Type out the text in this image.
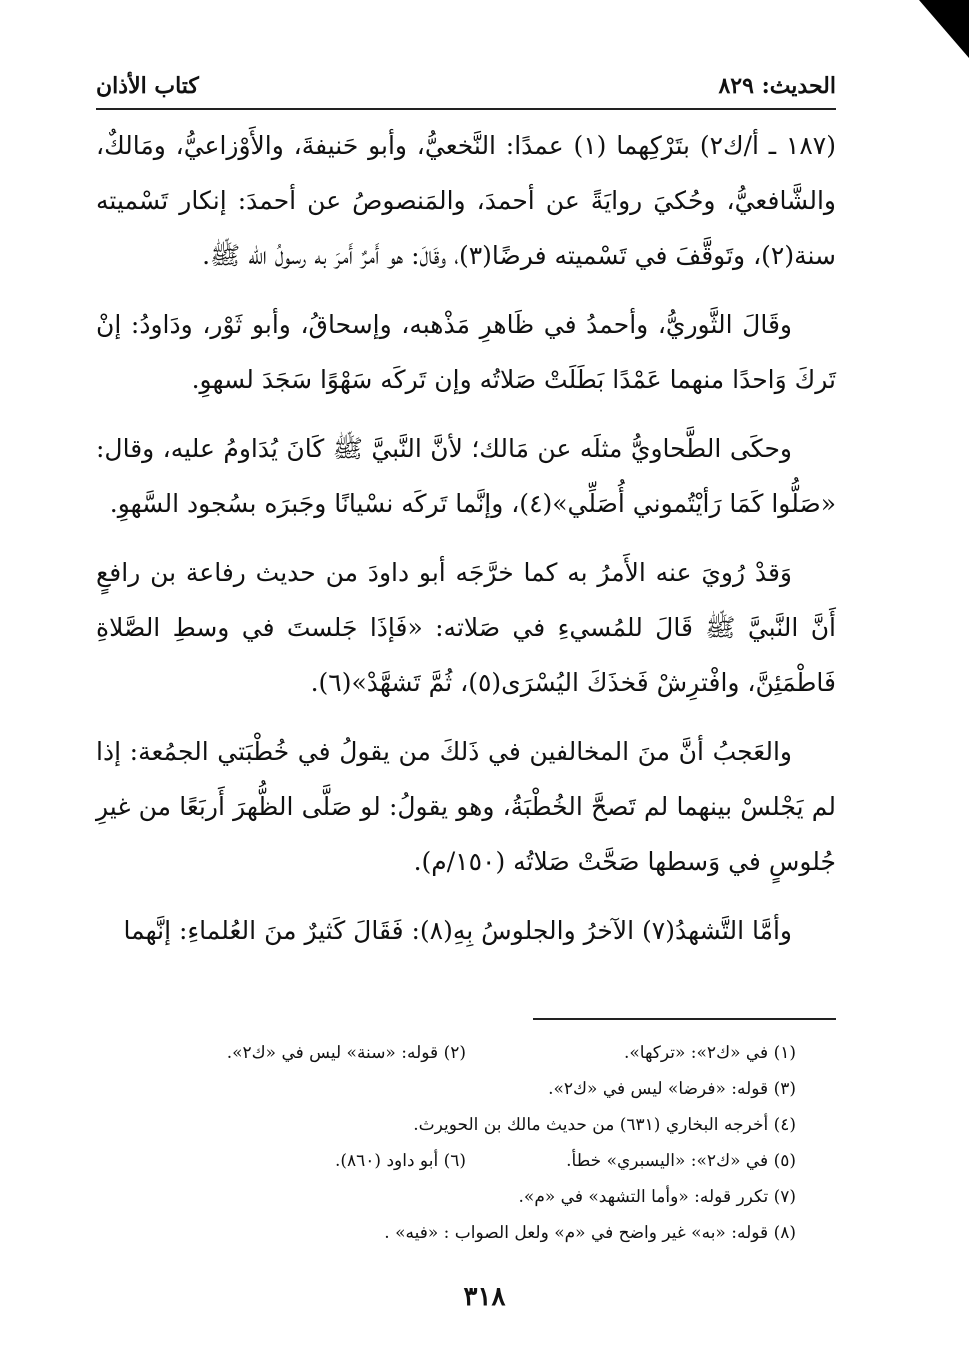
الحديث: ٨٢٩
كتاب الأذان

(١٨٧ ـ أ/ك٢) بتَرْكِهما (١) عمدًا: النَّخعيُّ، وأبو حَنيفةَ، والأَوْزاعيُّ، ومَالكٌ، والشَّافعيُّ، وحُكيَ روايَةً عن أحمدَ، والمَنصوصُ عن أحمدَ: إنكار تَسْميته سنة(٢)، وتَوقَّفَ في تَسْميته فرضًا(٣)، وقَالَ: هو أَمرٌ أَمرَ به رسولُ الله ﷺ.

وقَالَ الثَّوريُّ، وأحمدُ في ظَاهرِ مَذْهبه، وإسحاقُ، وأبو ثَوْر، ودَاودُ: إنْ تَركَ وَاحدًا منهما عَمْدًا بَطَلَتْ صَلاتُه وإن تَركَه سَهْوًا سَجَدَ لسهوِ.

وحكَى الطَّحاويُّ مثلَه عن مَالك؛ لأنَّ النَّبيَّ ﷺ كَانَ يُدَاومُ عليه، وقال: «صَلُّوا كَمَا رَأيْتُموني أُصَلِّي»(٤)، وإنَّما تَركَه نسْيانًا وجَبرَه بسُجود السَّهوِ.

وَقدْ رُويَ عنه الأَمرُ به كما خرَّجَه أبو داودَ من حديث رفاعة بن رافعٍ أَنَّ النَّبيَّ ﷺ قَالَ للمُسيءِ في صَلاته: «فَإذَا جَلستَ في وسطِ الصَّلاةِ فَاطْمَئِنَّ، وافْترِشْ فَخذَكَ اليُسْرَى(٥)، ثُمَّ تَشهَّدْ»(٦).

والعَجبُ أنَّ منَ المخالفين في ذَلكَ من يقولُ في خُطْبَتي الجمُعة: إذا لم يَجْلسْ بينهما لم تَصحَّ الخُطْبَةُ، وهو يقولُ: لو صَلَّى الظُّهرَ أَربَعًا من غيرِ جُلوسٍ في وَسطها صَحَّتْ صَلاتُه (١٥٠/م).

وأمَّا التَّشهدُ(٧) الآخرُ والجلوسُ بِهِ(٨): فَقَالَ كَثيرٌ منَ العُلماءِ: إنَّهما

(١) في «ك٢»: «تركها».
(٢) قوله: «سنة» ليس في «ك٢».
(٣) قوله: «فرضا» ليس في «ك٢».
(٤) أخرجه البخاري (٦٣١) من حديث مالك بن الحويرث.
(٥) في «ك٢»: «اليسبري» خطأ.
(٦) أبو داود (٨٦٠).
(٧) تكرر قوله: «وأما التشهد» في «م».
(٨) قوله: «به» غير واضح في «م» ولعل الصواب : «فيه» .
٣١٨
